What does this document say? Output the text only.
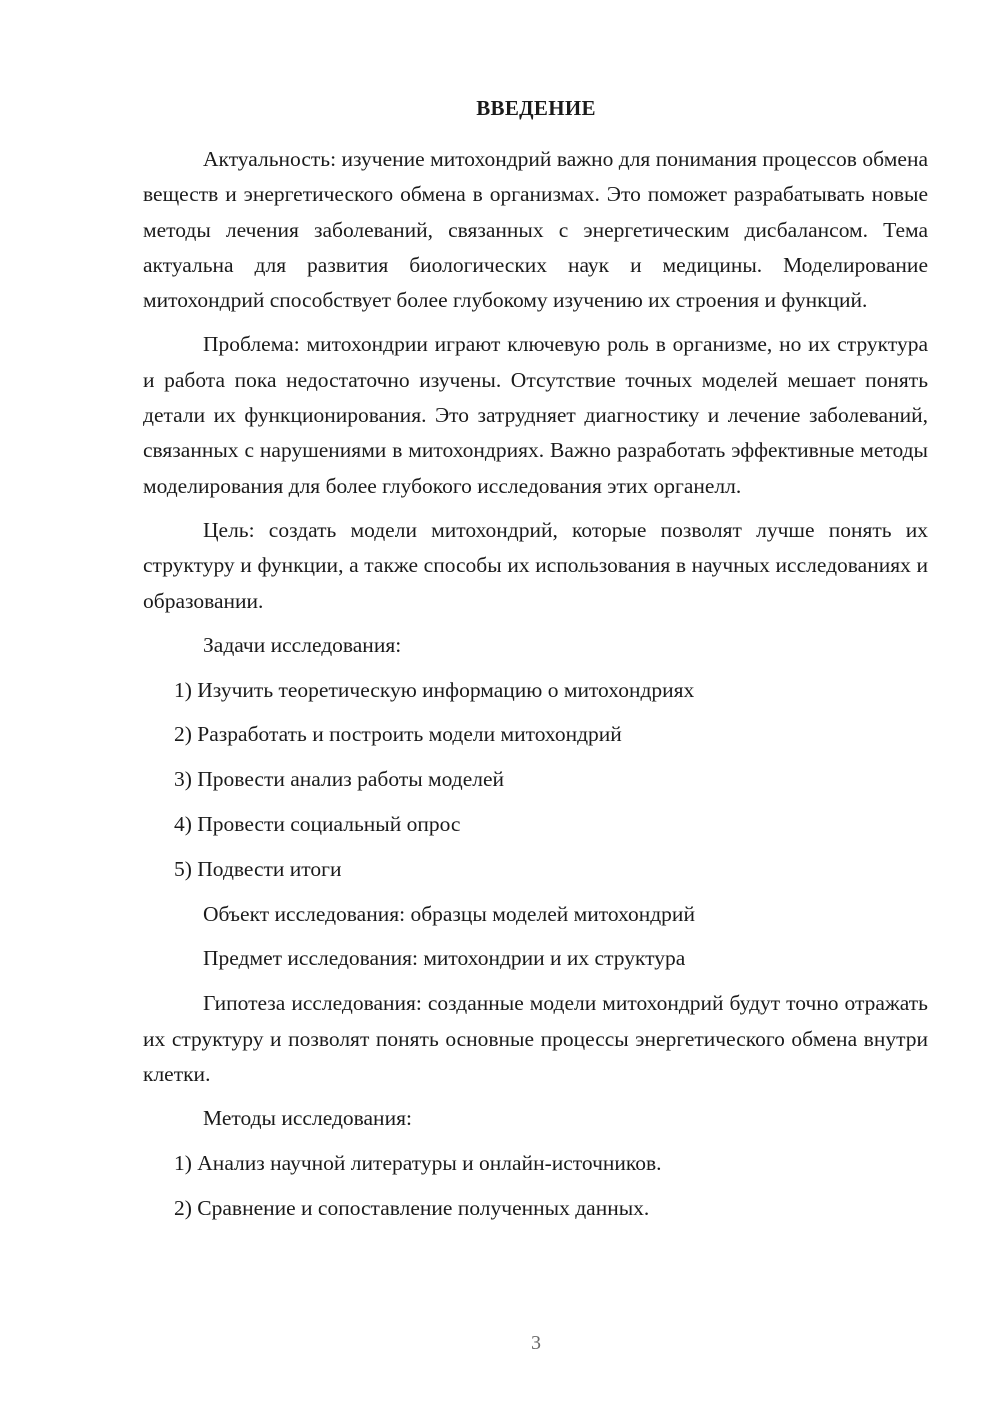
ВВЕДЕНИЕ

Актуальность: изучение митохондрий важно для понимания процессов обмена веществ и энергетического обмена в организмах. Это поможет разрабатывать новые методы лечения заболеваний, связанных с энергетическим дисбалансом. Тема актуальна для развития биологических наук и медицины. Моделирование митохондрий способствует более глубокому изучению их строения и функций.

Проблема: митохондрии играют ключевую роль в организме, но их структура и работа пока недостаточно изучены. Отсутствие точных моделей мешает понять детали их функционирования. Это затрудняет диагностику и лечение заболеваний, связанных с нарушениями в митохондриях. Важно разработать эффективные методы моделирования для более глубокого исследования этих органелл.

Цель: создать модели митохондрий, которые позволят лучше понять их структуру и функции, а также способы их использования в научных исследованиях и образовании.

Задачи исследования:

1) Изучить теоретическую информацию о митохондриях

2) Разработать и построить модели митохондрий

3) Провести анализ работы моделей

4) Провести социальный опрос

5) Подвести итоги

Объект исследования: образцы моделей митохондрий

Предмет исследования: митохондрии и их структура

Гипотеза исследования: созданные модели митохондрий будут точно отражать их структуру и позволят понять основные процессы энергетического обмена внутри клетки.

Методы исследования:

1) Анализ научной литературы и онлайн-источников.

2) Сравнение и сопоставление полученных данных.

3
